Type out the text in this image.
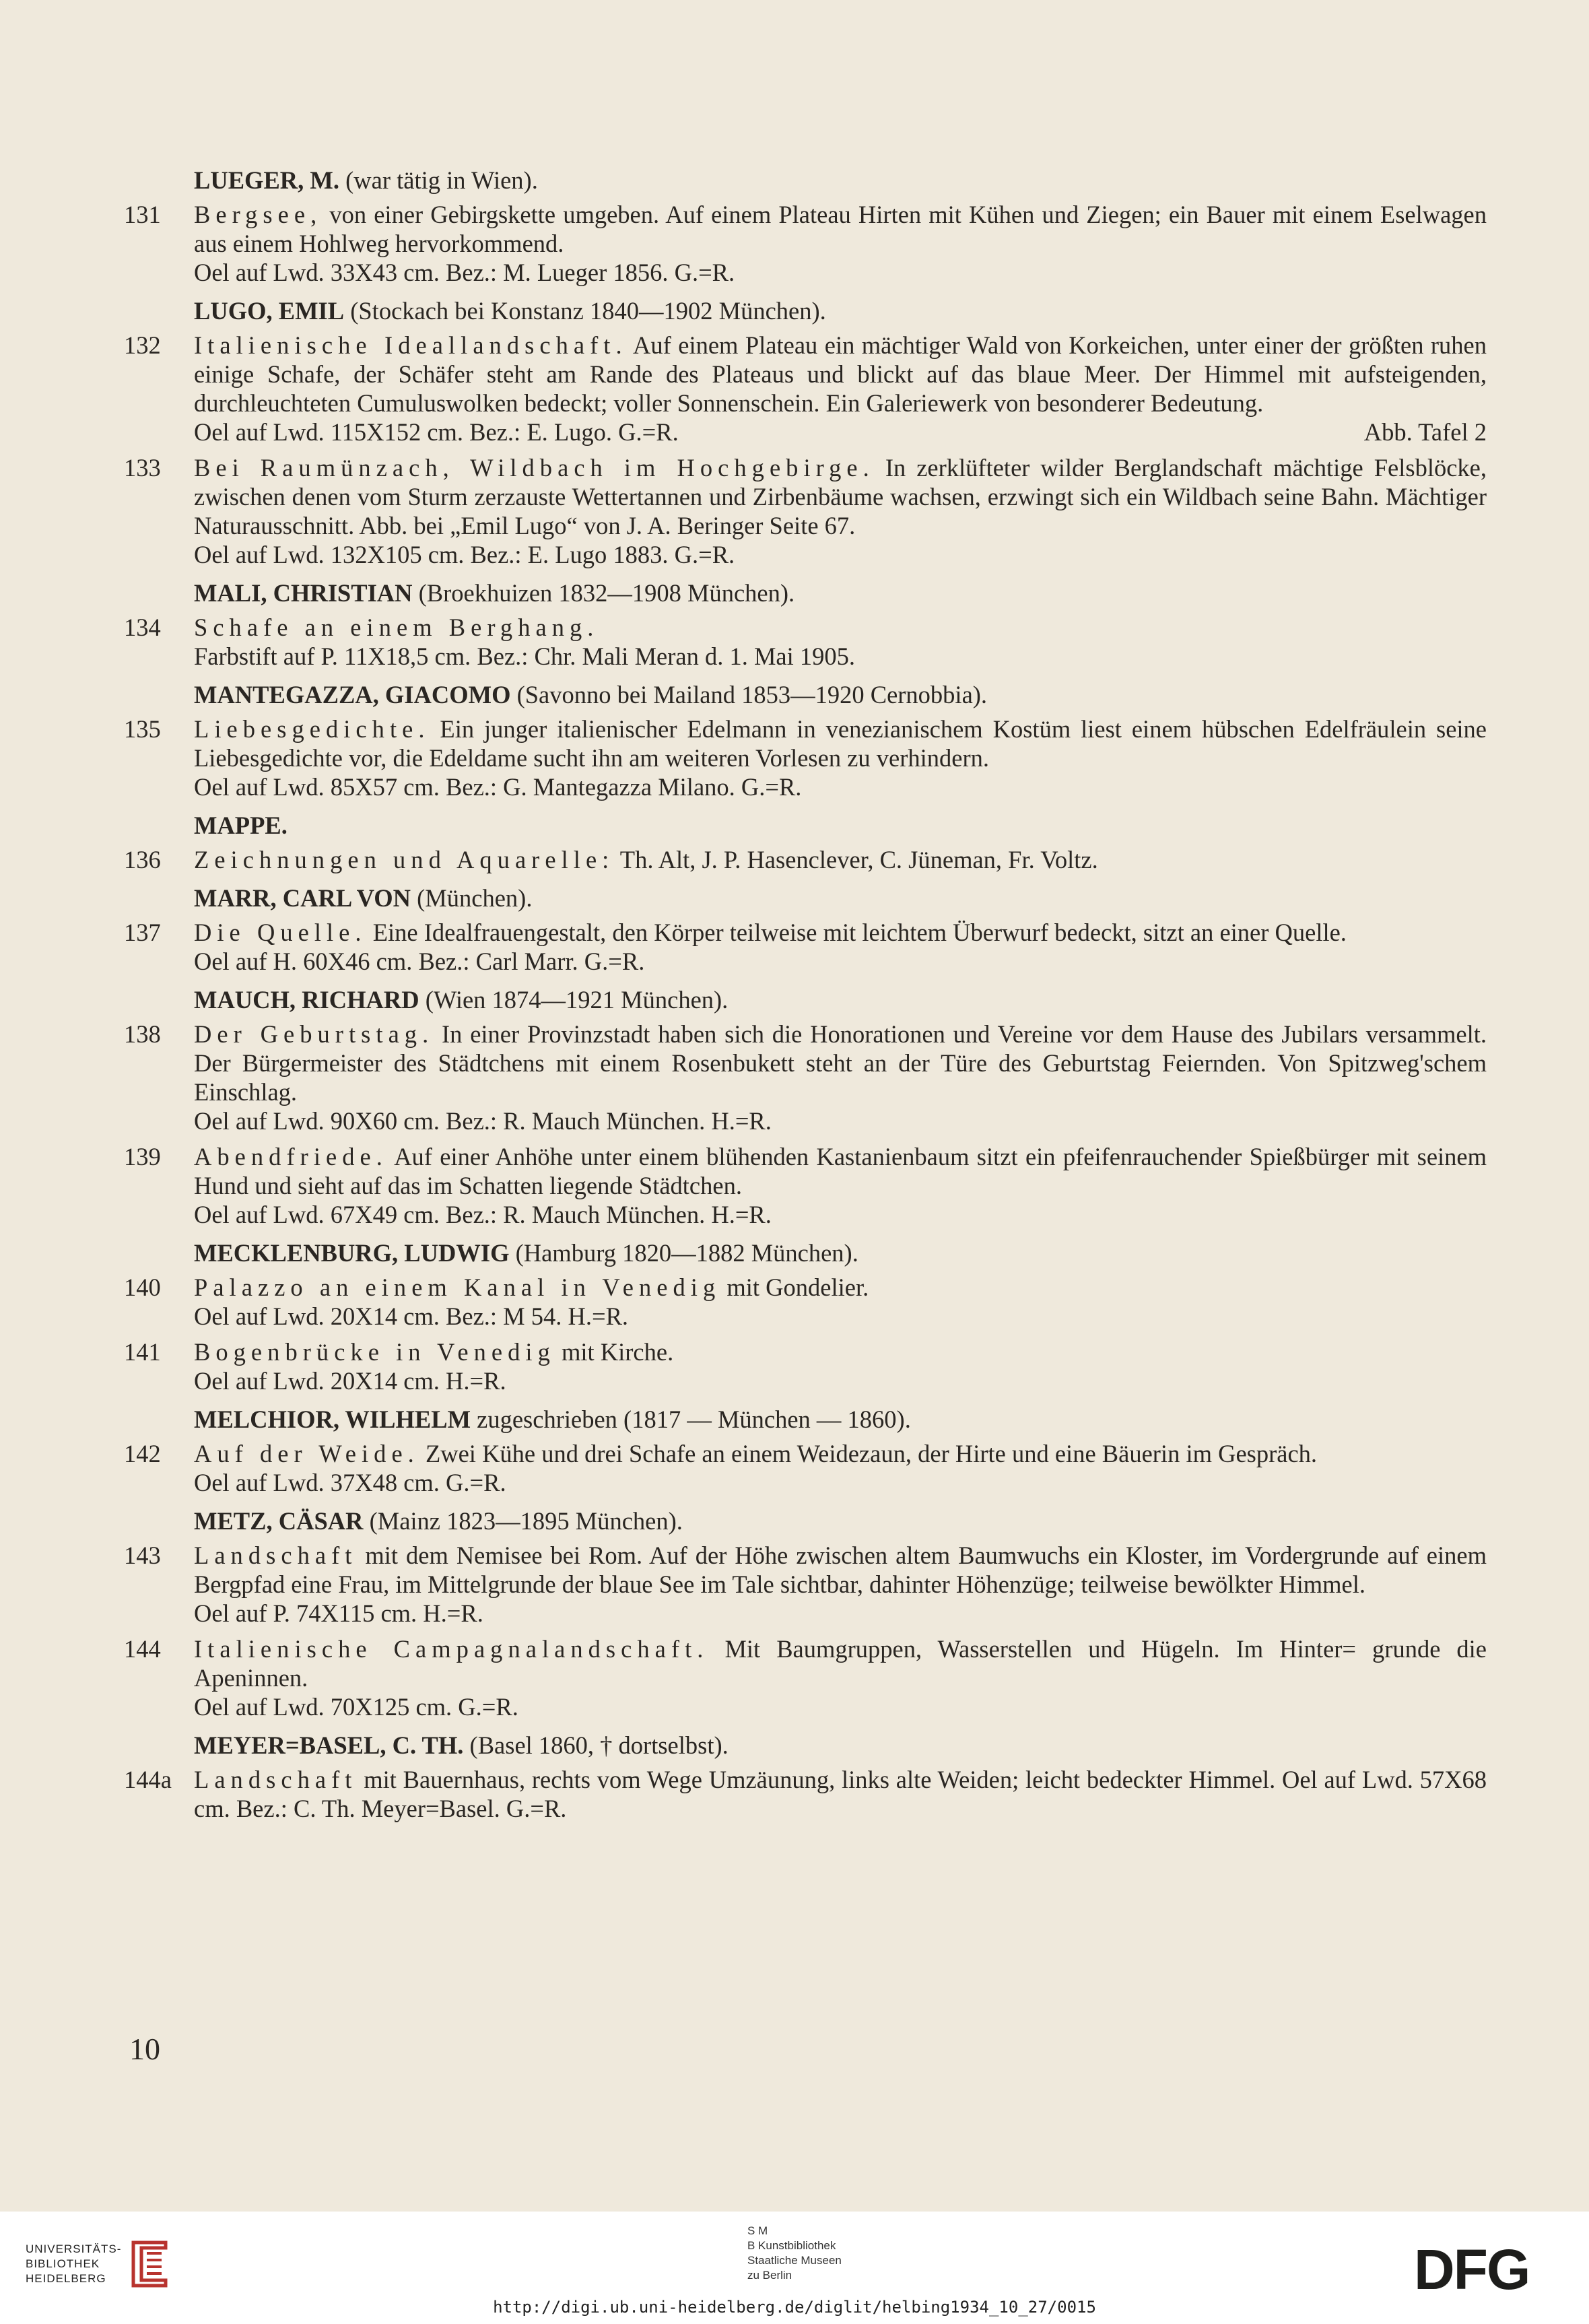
LUEGER, M. (war tätig in Wien).
131	Bergsee, von einer Gebirgskette umgeben. Auf einem Plateau Hirten mit Kühen und Ziegen; ein Bauer mit einem Eselwagen aus einem Hohlweg hervorkommend.
Oel auf Lwd. 33X43 cm. Bez.: M. Lueger 1856. G.=R.
LUGO, EMIL (Stockach bei Konstanz 1840—1902 München).
132	Italienische Ideallandschaft. Auf einem Plateau ein mächtiger Wald von Korkeichen, unter einer der größten ruhen einige Schafe, der Schäfer steht am Rande des Plateaus und blickt auf das blaue Meer. Der Himmel mit aufsteigenden, durchleuchteten Cumuluswolken bedeckt; voller Sonnenschein. Ein Galeriewerk von besonderer Bedeutung.
Oel auf Lwd. 115X152 cm. Bez.: E. Lugo. G.=R.	Abb. Tafel 2
133	Bei Raumünzach, Wildbach im Hochgebirge. In zerklüfteter wilder Berglandschaft mächtige Felsblöcke, zwischen denen vom Sturm zerzauste Wettertannen und Zirbenbäume wachsen, erzwingt sich ein Wildbach seine Bahn. Mächtiger Naturausschnitt. Abb. bei „Emil Lugo“ von J. A. Beringer Seite 67.
Oel auf Lwd. 132X105 cm. Bez.: E. Lugo 1883. G.=R.
MALI, CHRISTIAN (Broekhuizen 1832—1908 München).
134	Schafe an einem Berghang.
Farbstift auf P. 11X18,5 cm. Bez.: Chr. Mali Meran d. 1. Mai 1905.
MANTEGAZZA, GIACOMO (Savonno bei Mailand 1853—1920 Cernobbia).
135	Liebesgedichte. Ein junger italienischer Edelmann in venezianischem Kostüm liest einem hübschen Edelfräulein seine Liebesgedichte vor, die Edeldame sucht ihn am weiteren Vorlesen zu verhindern.
Oel auf Lwd. 85X57 cm. Bez.: G. Mantegazza Milano. G.=R.
MAPPE.
136	Zeichnungen und Aquarelle: Th. Alt, J. P. Hasenclever, C. Jüneman, Fr. Voltz.
MARR, CARL VON (München).
137	Die Quelle. Eine Idealfrauengestalt, den Körper teilweise mit leichtem Überwurf bedeckt, sitzt an einer Quelle.
Oel auf H. 60X46 cm. Bez.: Carl Marr. G.=R.
MAUCH, RICHARD (Wien 1874—1921 München).
138	Der Geburtstag. In einer Provinzstadt haben sich die Honorationen und Vereine vor dem Hause des Jubilars versammelt. Der Bürgermeister des Städtchens mit einem Rosenbukett steht an der Türe des Geburtstag Feiernden. Von Spitzweg'schem Einschlag.
Oel auf Lwd. 90X60 cm. Bez.: R. Mauch München. H.=R.
139	Abendfriede. Auf einer Anhöhe unter einem blühenden Kastanienbaum sitzt ein pfeifenrauchender Spießbürger mit seinem Hund und sieht auf das im Schatten liegende Städtchen.
Oel auf Lwd. 67X49 cm. Bez.: R. Mauch München. H.=R.
MECKLENBURG, LUDWIG (Hamburg 1820—1882 München).
140	Palazzo an einem Kanal in Venedig mit Gondelier.
Oel auf Lwd. 20X14 cm. Bez.: M 54. H.=R.
141	Bogenbrücke in Venedig mit Kirche.
Oel auf Lwd. 20X14 cm. H.=R.
MELCHIOR, WILHELM zugeschrieben (1817 — München — 1860).
142	Auf der Weide. Zwei Kühe und drei Schafe an einem Weidezaun, der Hirte und eine Bäuerin im Gespräch.
Oel auf Lwd. 37X48 cm. G.=R.
METZ, CÄSAR (Mainz 1823—1895 München).
143	Landschaft mit dem Nemisee bei Rom. Auf der Höhe zwischen altem Baumwuchs ein Kloster, im Vordergrunde auf einem Bergpfad eine Frau, im Mittelgrunde der blaue See im Tale sichtbar, dahinter Höhenzüge; teilweise bewölkter Himmel.
Oel auf P. 74X115 cm. H.=R.
144	Italienische Campagnalandschaft. Mit Baumgruppen, Wasserstellen und Hügeln. Im Hinter= grunde die Apeninnen.
Oel auf Lwd. 70X125 cm. G.=R.
MEYER=BASEL, C. TH. (Basel 1860, † dortselbst).
144a Landschaft mit Bauernhaus, rechts vom Wege Umzäunung, links alte Weiden; leicht bedeckter Himmel. Oel auf Lwd. 57X68 cm. Bez.: C. Th. Meyer=Basel. G.=R.
10
UNIVERSITÄTS-
BIBLIOTHEK
HEIDELBERG
S M
B Kunstbibliothek
Staatliche Museen
zu Berlin	DFG
http://digi.ub.uni-heidelberg.de/diglit/helbing1934_10_27/0015
